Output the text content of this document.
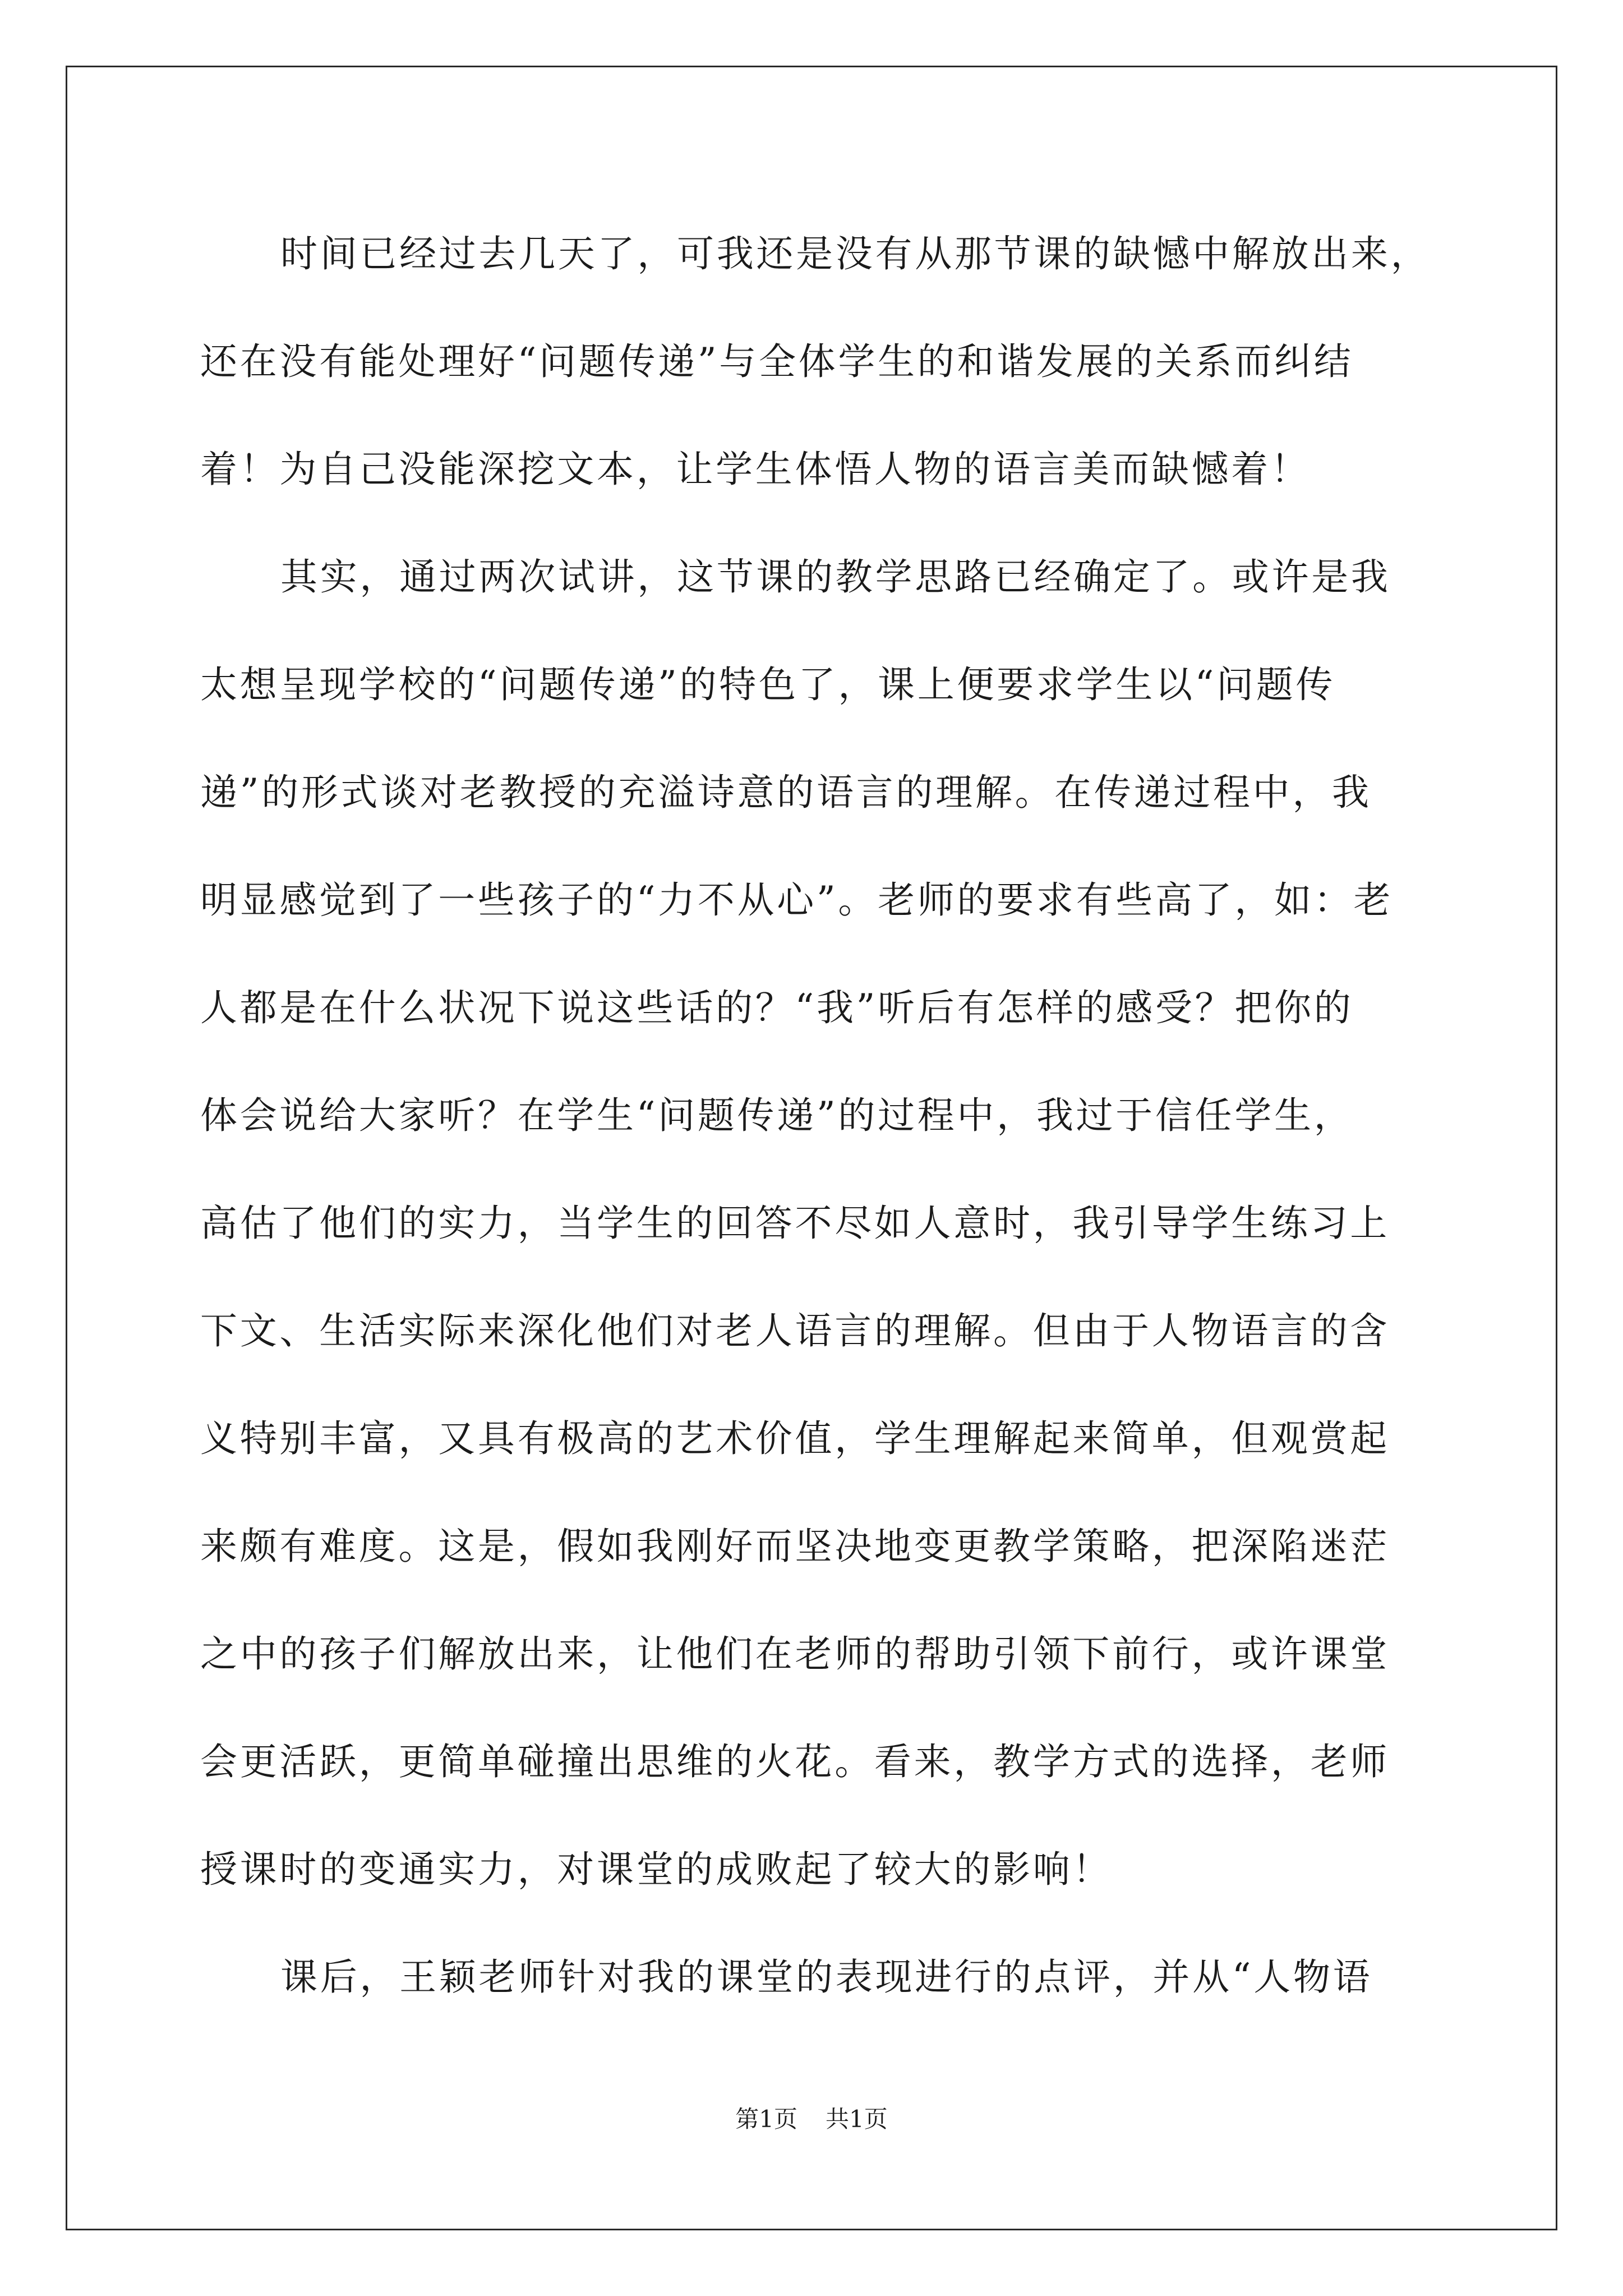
时间已经过去几天了，可我还是没有从那节课的缺憾中解放出来，
还在没有能处理好“问题传递”与全体学生的和谐发展的关系而纠结
着！为自己没能深挖文本，让学生体悟人物的语言美而缺憾着！
其实，通过两次试讲，这节课的教学思路已经确定了。或许是我
太想呈现学校的“问题传递”的特色了，课上便要求学生以“问题传
递”的形式谈对老教授的充溢诗意的语言的理解。在传递过程中，我
明显感觉到了一些孩子的“力不从心”。老师的要求有些高了，如：老
人都是在什么状况下说这些话的？“我”听后有怎样的感受？把你的
体会说给大家听？在学生“问题传递”的过程中，我过于信任学生，
高估了他们的实力，当学生的回答不尽如人意时，我引导学生练习上
下文、生活实际来深化他们对老人语言的理解。但由于人物语言的含
义特别丰富，又具有极高的艺术价值，学生理解起来简单，但观赏起
来颇有难度。这是，假如我刚好而坚决地变更教学策略，把深陷迷茫
之中的孩子们解放出来，让他们在老师的帮助引领下前行，或许课堂
会更活跃，更简单碰撞出思维的火花。看来，教学方式的选择，老师
授课时的变通实力，对课堂的成败起了较大的影响！
课后，王颖老师针对我的课堂的表现进行的点评，并从“人物语
第1页 共1页
